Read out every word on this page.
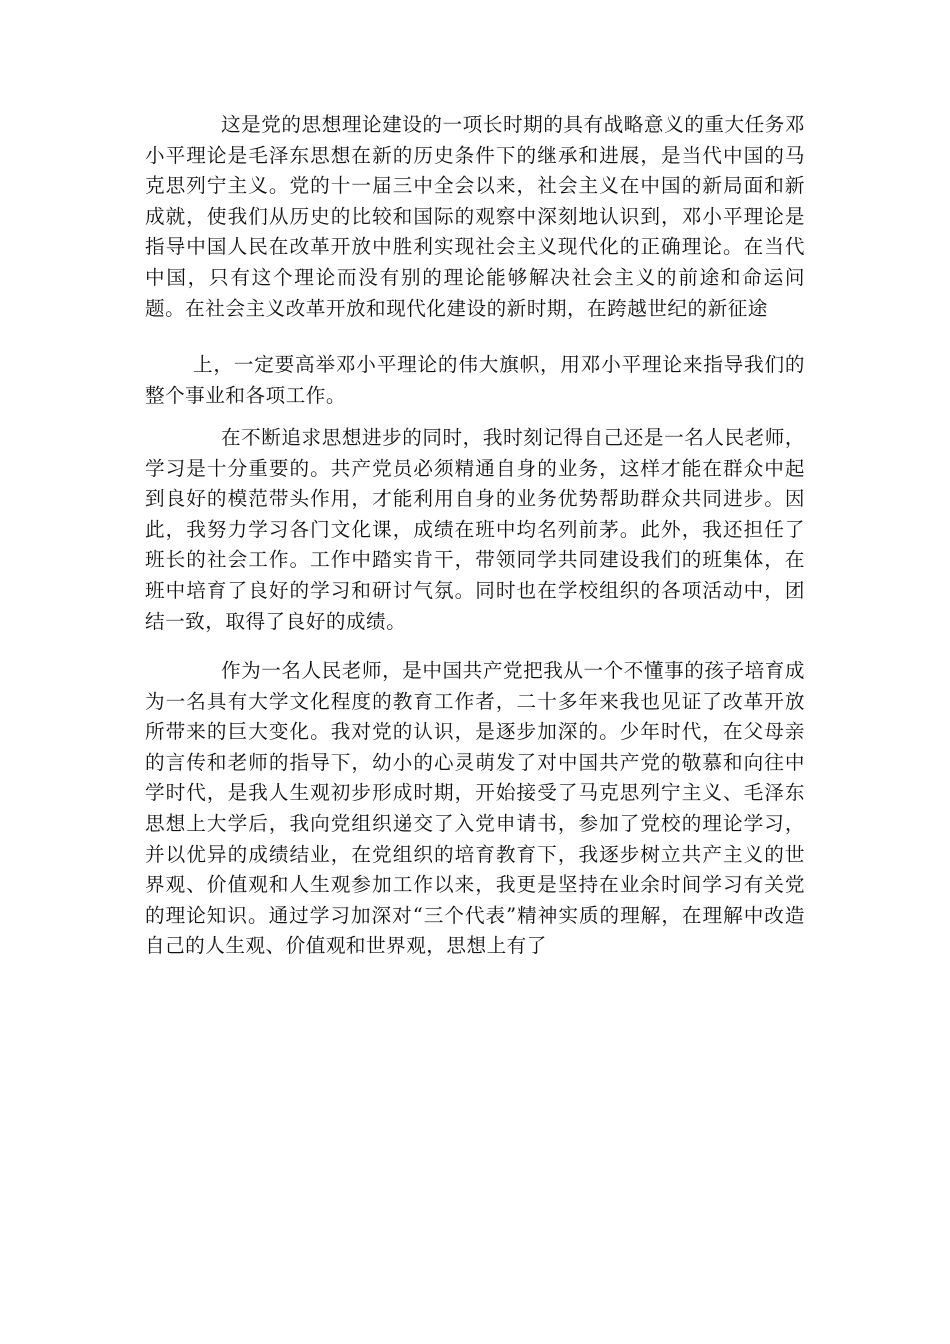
这是党的思想理论建设的一项长时期的具有战略意义的重大任务邓小平理论是毛泽东思想在新的历史条件下的继承和进展，是当代中国的马克思列宁主义。党的十一届三中全会以来，社会主义在中国的新局面和新成就，使我们从历史的比较和国际的观察中深刻地认识到，邓小平理论是指导中国人民在改革开放中胜利实现社会主义现代化的正确理论。在当代中国，只有这个理论而没有别的理论能够解决社会主义的前途和命运问题。在社会主义改革开放和现代化建设的新时期，在跨越世纪的新征途

上，一定要高举邓小平理论的伟大旗帜，用邓小平理论来指导我们的整个事业和各项工作。

在不断追求思想进步的同时，我时刻记得自己还是一名人民老师，学习是十分重要的。共产党员必须精通自身的业务，这样才能在群众中起到良好的模范带头作用，才能利用自身的业务优势帮助群众共同进步。因此，我努力学习各门文化课，成绩在班中均名列前茅。此外，我还担任了班长的社会工作。工作中踏实肯干，带领同学共同建设我们的班集体，在班中培育了良好的学习和研讨气氛。同时也在学校组织的各项活动中，团结一致，取得了良好的成绩。

作为一名人民老师，是中国共产党把我从一个不懂事的孩子培育成为一名具有大学文化程度的教育工作者，二十多年来我也见证了改革开放所带来的巨大变化。我对党的认识，是逐步加深的。少年时代，在父母亲的言传和老师的指导下，幼小的心灵萌发了对中国共产党的敬慕和向往中学时代，是我人生观初步形成时期，开始接受了马克思列宁主义、毛泽东思想上大学后，我向党组织递交了入党申请书，参加了党校的理论学习，并以优异的成绩结业，在党组织的培育教育下，我逐步树立共产主义的世界观、价值观和人生观参加工作以来，我更是坚持在业余时间学习有关党的理论知识。通过学习加深对“三个代表”精神实质的理解，在理解中改造自己的人生观、价值观和世界观，思想上有了
